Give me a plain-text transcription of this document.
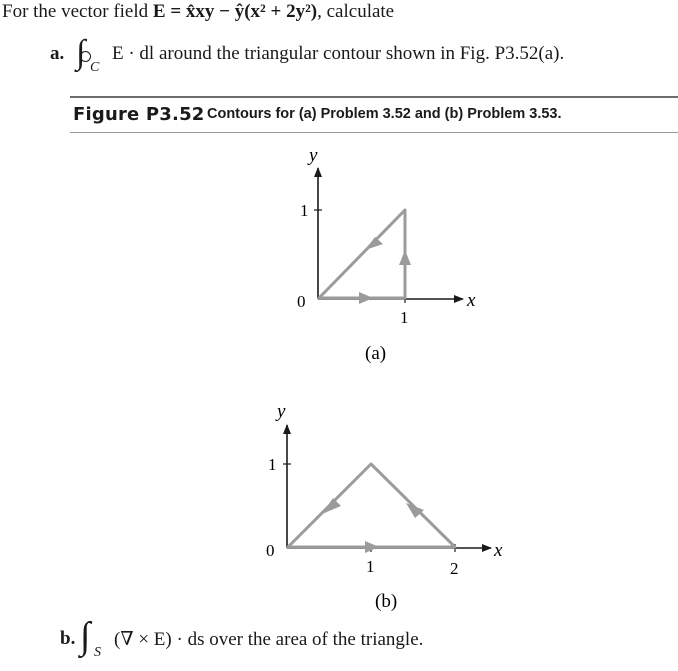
For the vector field E = x̂xy − ŷ(x² + 2y²), calculate
a. ∫ C
E · dl around the triangular contour shown in Fig. P3.52(a).
Figure P3.52 Contours for (a) Problem 3.52 and (b) Problem 3.53.
y
x
0
1
1
(a)
y
x
0
1
1	2
(b)
b. ∫ S
(∇ × E) · ds over the area of the triangle.
